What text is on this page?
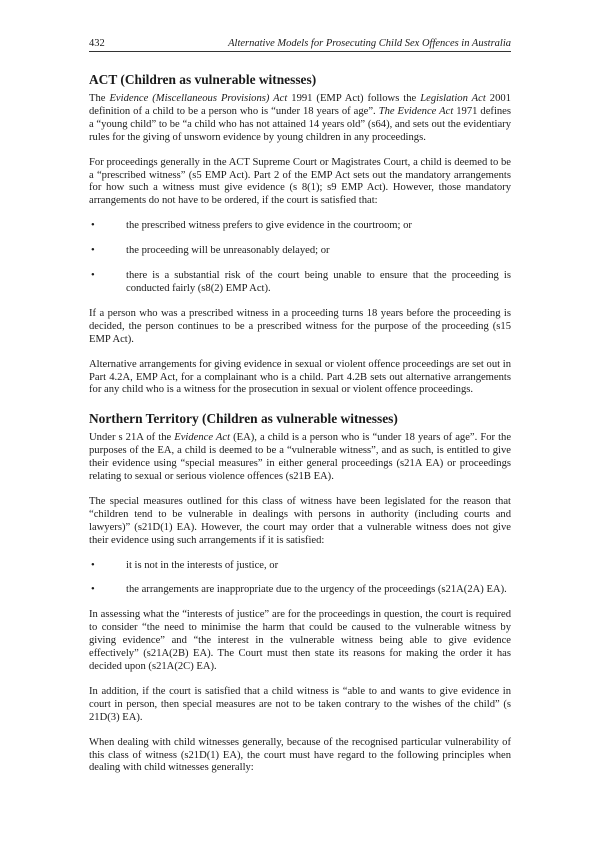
432	Alternative Models for Prosecuting Child Sex Offences in Australia
ACT (Children as vulnerable witnesses)

The Evidence (Miscellaneous Provisions) Act 1991 (EMP Act) follows the Legislation Act 2001 definition of a child to be a person who is “under 18 years of age”. The Evidence Act 1971 defines a “young child” to be “a child who has not attained 14 years old” (s64), and sets out the evidentiary rules for the giving of unsworn evidence by young children in any proceedings.

For proceedings generally in the ACT Supreme Court or Magistrates Court, a child is deemed to be a “prescribed witness” (s5 EMP Act). Part 2 of the EMP Act sets out the mandatory arrangements for how such a witness must give evidence (s 8(1); s9 EMP Act). However, those mandatory arrangements do not have to be ordered, if the court is satisfied that:

•	the prescribed witness prefers to give evidence in the courtroom; or
•	the proceeding will be unreasonably delayed; or
•	there is a substantial risk of the court being unable to ensure that the proceeding is conducted fairly (s8(2) EMP Act).

If a person who was a prescribed witness in a proceeding turns 18 years before the proceeding is decided, the person continues to be a prescribed witness for the purpose of the proceeding (s15 EMP Act).

Alternative arrangements for giving evidence in sexual or violent offence proceedings are set out in Part 4.2A, EMP Act, for a complainant who is a child. Part 4.2B sets out alternative arrangements for any child who is a witness for the prosecution in sexual or violent offence proceedings.

Northern Territory (Children as vulnerable witnesses)

Under s 21A of the Evidence Act (EA), a child is a person who is “under 18 years of age”. For the purposes of the EA, a child is deemed to be a “vulnerable witness”, and as such, is entitled to give their evidence using “special measures” in either general proceedings (s21A EA) or proceedings relating to sexual or serious violence offences (s21B EA).

The special measures outlined for this class of witness have been legislated for the reason that “children tend to be vulnerable in dealings with persons in authority (including courts and lawyers)” (s21D(1) EA). However, the court may order that a vulnerable witness does not give their evidence using such arrangements if it is satisfied:

•	it is not in the interests of justice, or
•	the arrangements are inappropriate due to the urgency of the proceedings (s21A(2A) EA).

In assessing what the “interests of justice” are for the proceedings in question, the court is required to consider “the need to minimise the harm that could be caused to the vulnerable witness by giving evidence” and “the interest in the vulnerable witness being able to give evidence effectively” (s21A(2B) EA). The Court must then state its reasons for making the order it has decided upon (s21A(2C) EA).

In addition, if the court is satisfied that a child witness is “able to and wants to give evidence in court in person, then special measures are not to be taken contrary to the wishes of the child” (s 21D(3) EA).

When dealing with child witnesses generally, because of the recognised particular vulnerability of this class of witness (s21D(1) EA), the court must have regard to the following principles when dealing with child witnesses generally:
